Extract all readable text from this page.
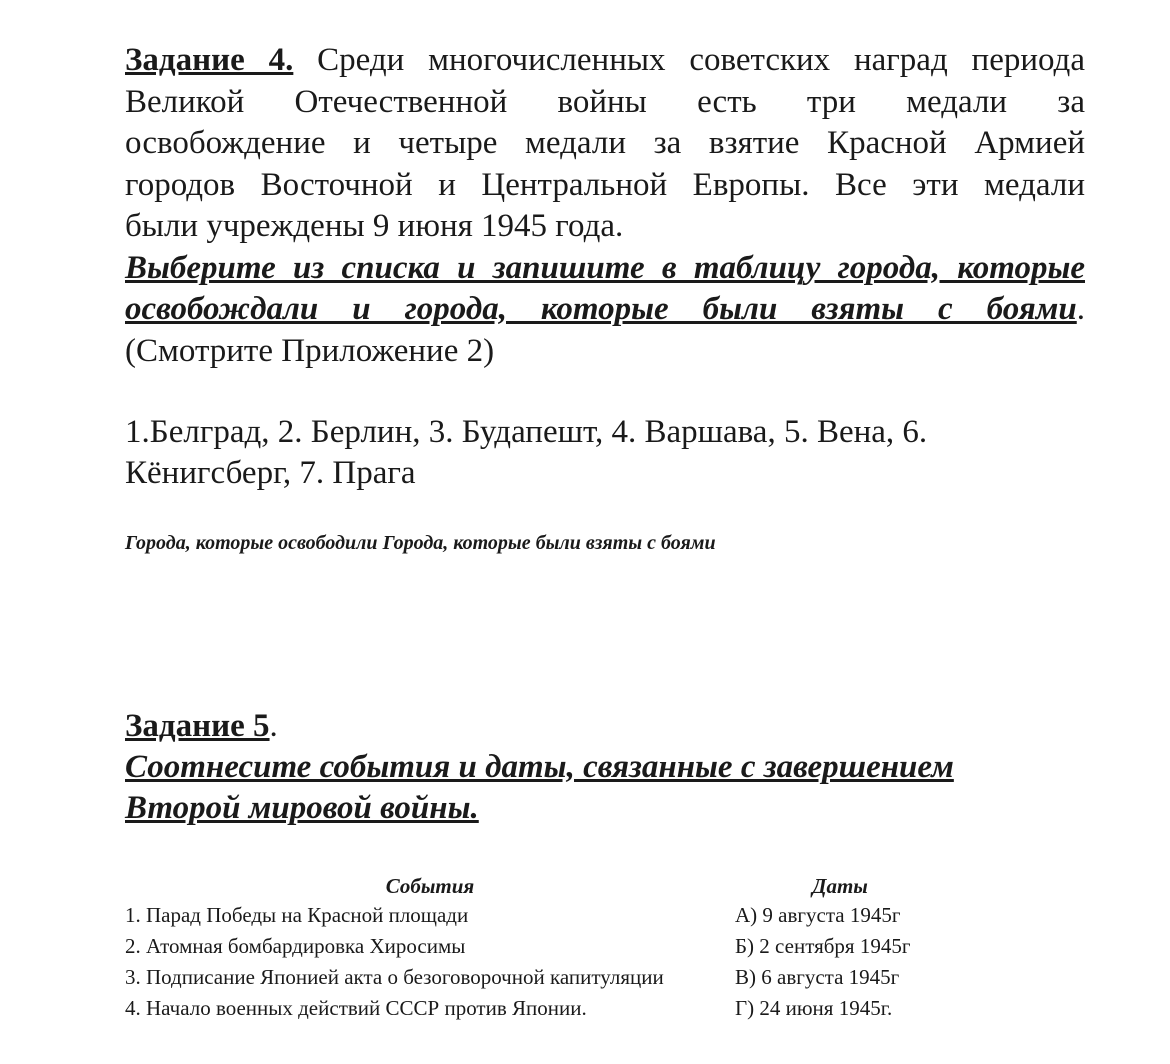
Задание 4. Среди многочисленных советских наград периода
Великой Отечественной войны есть три медали за
освобождение и четыре медали за взятие Красной Армией
городов Восточной и Центральной Европы. Все эти медали
были учреждены 9 июня 1945 года.
Выберите из списка и запишите в таблицу города, которые
освобождали и города, которые были взяты с боями.
(Смотрите Приложение 2)

1.Белград, 2. Берлин, 3. Будапешт, 4. Варшава, 5. Вена, 6.
Кёнигсберг, 7. Прага

Города, которые освободили Города, которые были взяты с боями

Задание 5.

Соотнесите события и даты, связанные с завершением
Второй мировой войны.

События	Даты
1. Парад Победы на Красной площади	А) 9 августа 1945г
2. Атомная бомбардировка Хиросимы	Б) 2 сентября 1945г
3. Подписание Японией акта о безоговорочной капитуляции	В) 6 августа 1945г
4. Начало военных действий СССР против Японии.	Г) 24 июня 1945г.
